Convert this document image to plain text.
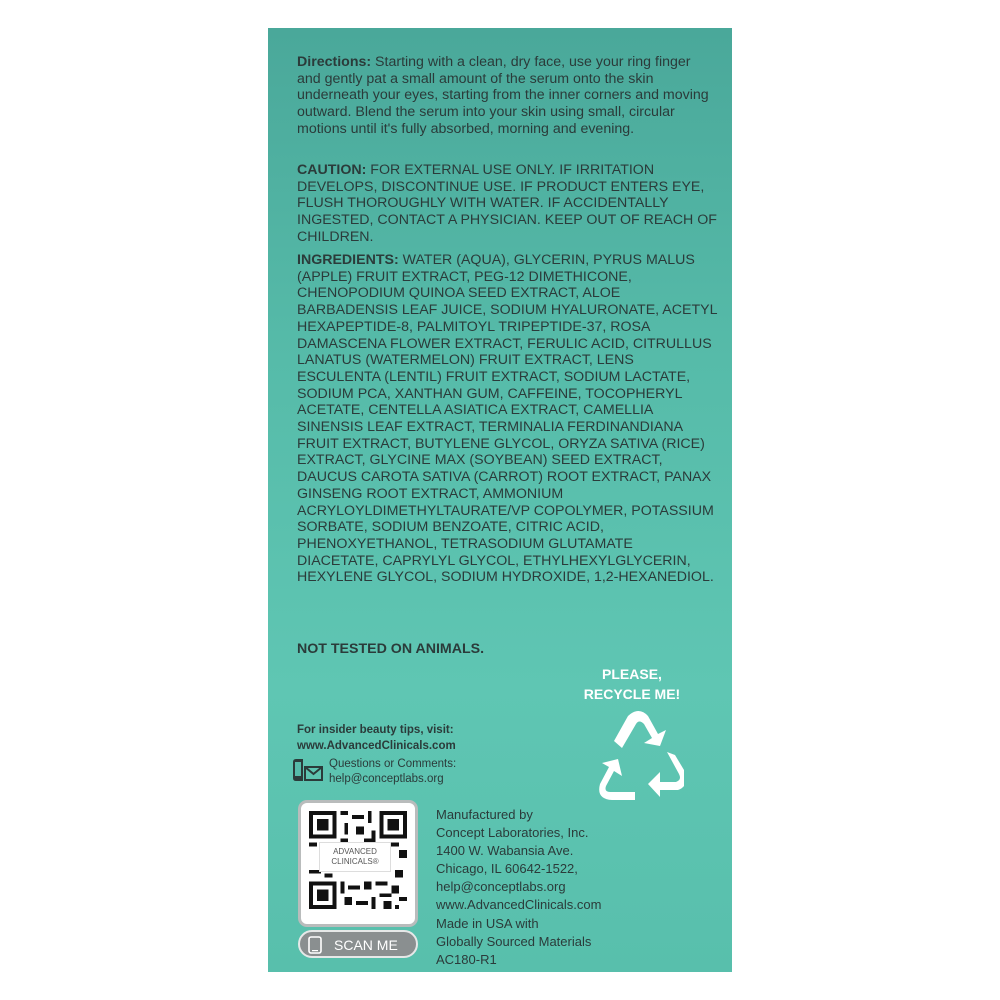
Directions: Starting with a clean, dry face, use your ring finger and gently pat a small amount of the serum onto the skin underneath your eyes, starting from the inner corners and moving outward. Blend the serum into your skin using small, circular motions until it's fully absorbed, morning and evening.
CAUTION: FOR EXTERNAL USE ONLY. IF IRRITATION DEVELOPS, DISCONTINUE USE. IF PRODUCT ENTERS EYE, FLUSH THOROUGHLY WITH WATER. IF ACCIDENTALLY INGESTED, CONTACT A PHYSICIAN. KEEP OUT OF REACH OF CHILDREN.
INGREDIENTS: WATER (AQUA), GLYCERIN, PYRUS MALUS (APPLE) FRUIT EXTRACT, PEG-12 DIMETHICONE, CHENOPODIUM QUINOA SEED EXTRACT, ALOE BARBADENSIS LEAF JUICE, SODIUM HYALURONATE, ACETYL HEXAPEPTIDE-8, PALMITOYL TRIPEPTIDE-37, ROSA DAMASCENA FLOWER EXTRACT, FERULIC ACID, CITRULLUS LANATUS (WATERMELON) FRUIT EXTRACT, LENS ESCULENTA (LENTIL) FRUIT EXTRACT, SODIUM LACTATE, SODIUM PCA, XANTHAN GUM, CAFFEINE, TOCOPHERYL ACETATE, CENTELLA ASIATICA EXTRACT, CAMELLIA SINENSIS LEAF EXTRACT, TERMINALIA FERDINANDIANA FRUIT EXTRACT, BUTYLENE GLYCOL, ORYZA SATIVA (RICE) EXTRACT, GLYCINE MAX (SOYBEAN) SEED EXTRACT, DAUCUS CAROTA SATIVA (CARROT) ROOT EXTRACT, PANAX GINSENG ROOT EXTRACT, AMMONIUM ACRYLOYLDIMETHYLTAURATE/VP COPOLYMER, POTASSIUM SORBATE, SODIUM BENZOATE, CITRIC ACID, PHENOXYETHANOL, TETRASODIUM GLUTAMATE DIACETATE, CAPRYLYL GLYCOL, ETHYLHEXYLGLYCERIN, HEXYLENE GLYCOL, SODIUM HYDROXIDE, 1,2-HEXANEDIOL.
NOT TESTED ON ANIMALS.
PLEASE,
RECYCLE ME!
For insider beauty tips, visit:
www.AdvancedClinicals.com
Questions or Comments:
help@conceptlabs.org
ADVANCED
CLINICALS®
SCAN ME
Manufactured by
Concept Laboratories, Inc.
1400 W. Wabansia Ave.
Chicago, IL 60642-1522,
help@conceptlabs.org
www.AdvancedClinicals.com
Made in USA with
Globally Sourced Materials
AC180-R1
